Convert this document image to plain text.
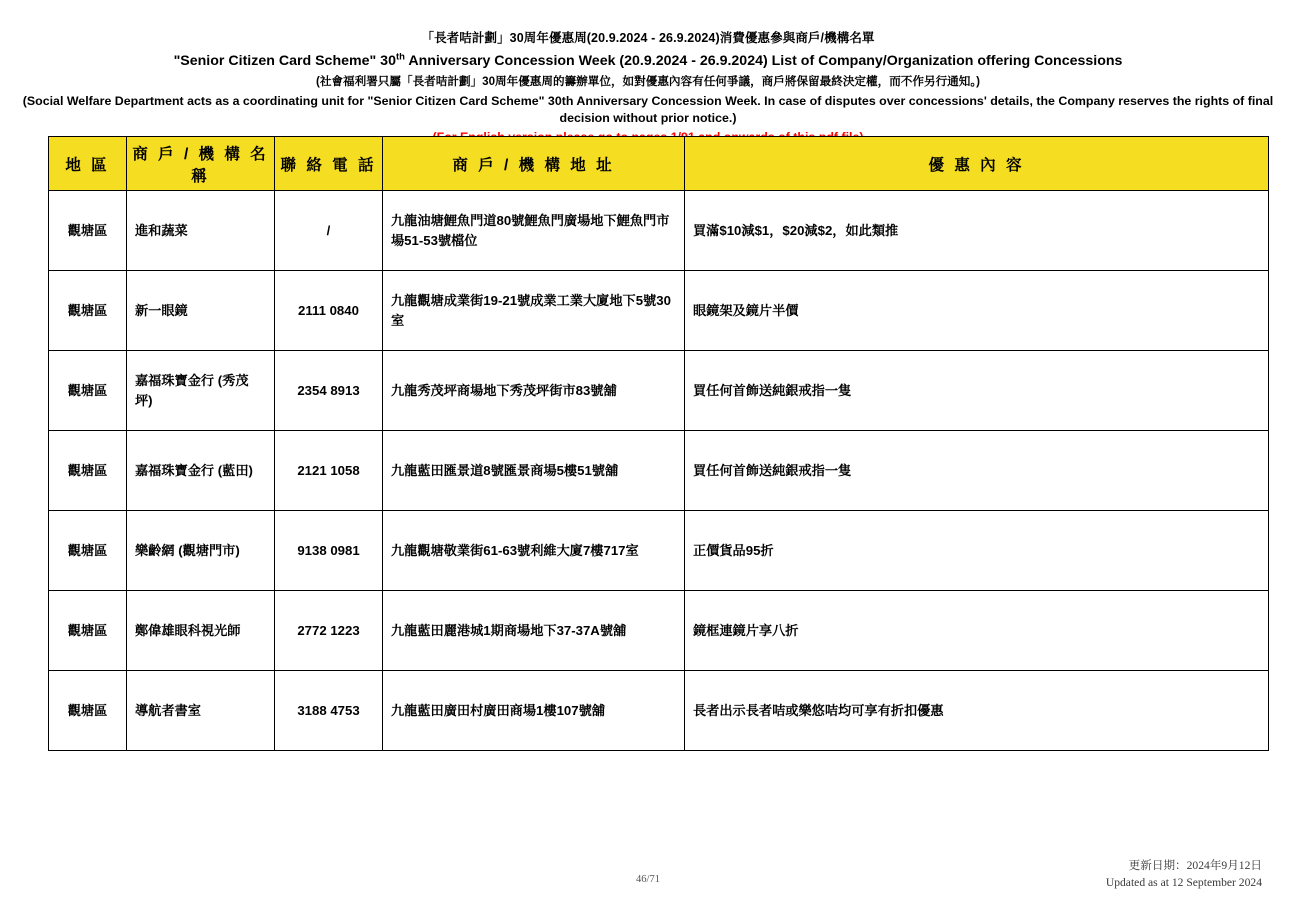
「長者咭計劃」30周年優惠周(20.9.2024 - 26.9.2024)消費優惠參與商戶/機構名單
"Senior Citizen Card Scheme" 30th Anniversary Concession Week (20.9.2024 - 26.9.2024) List of Company/Organization offering Concessions
(社會福利署只屬「長者咭計劃」30周年優惠周的籌辦單位，如對優惠內容有任何爭議，商戶將保留最終決定權，而不作另行通知。)
(Social Welfare Department acts as a coordinating unit for "Senior Citizen Card Scheme" 30th Anniversary Concession Week. In case of disputes over concessions' details, the Company reserves the rights of final decision without prior notice.)
地 區	商 戶 / 機 構 名 稱	聯 絡 電 話	商 戶 / 機 構 地 址	優 惠 內 容
觀塘區	進和蔬菜	/	九龍油塘鯉魚門道80號鯉魚門廣場地下鯉魚門市場51-53號檔位	買滿$10減$1，$20減$2，如此類推
觀塘區	新一眼鏡	2111 0840	九龍觀塘成業街19-21號成業工業大廈地下5號30室	眼鏡架及鏡片半價
觀塘區	嘉福珠寶金行 (秀茂坪)	2354 8913	九龍秀茂坪商場地下秀茂坪街市83號舖	買任何首飾送純銀戒指一隻
觀塘區	嘉福珠寶金行 (藍田)	2121 1058	九龍藍田匯景道8號匯景商場5樓51號舖	買任何首飾送純銀戒指一隻
觀塘區	樂齡網 (觀塘門市)	9138 0981	九龍觀塘敬業街61-63號利維大廈7樓717室	正價貨品95折
觀塘區	鄭偉雄眼科視光師	2772 1223	九龍藍田麗港城1期商場地下37-37A號舖	鏡框連鏡片享八折
觀塘區	導航者書室	3188 4753	九龍藍田廣田村廣田商場1樓107號舖	長者出示長者咭或樂悠咭均可享有折扣優惠
46/71
更新日期：2024年9月12日
Updated as at 12 September 2024
